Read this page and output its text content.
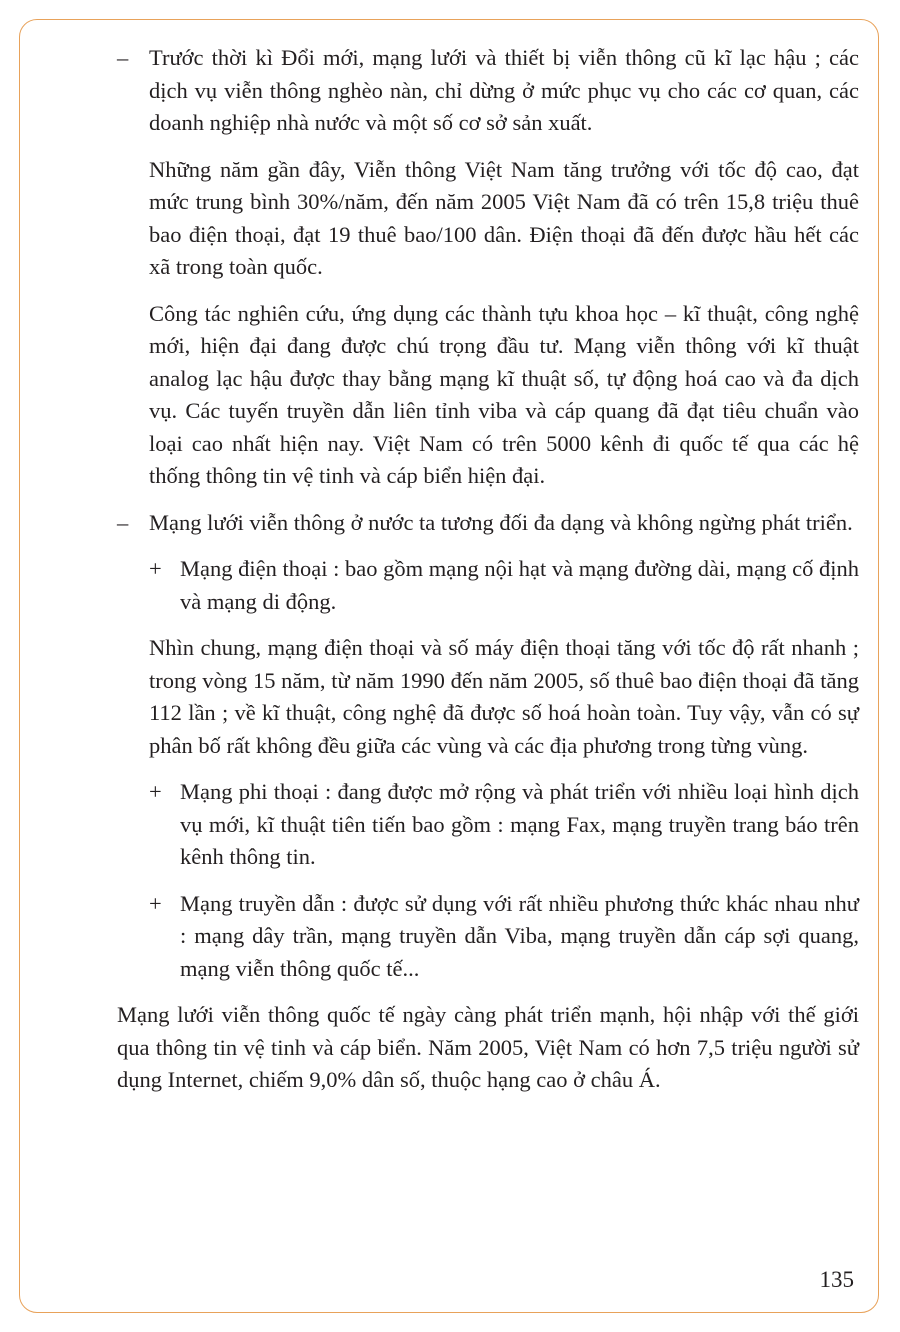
– Trước thời kì Đổi mới, mạng lưới và thiết bị viễn thông cũ kĩ lạc hậu ; các dịch vụ viễn thông nghèo nàn, chỉ dừng ở mức phục vụ cho các cơ quan, các doanh nghiệp nhà nước và một số cơ sở sản xuất.

Những năm gần đây, Viễn thông Việt Nam tăng trưởng với tốc độ cao, đạt mức trung bình 30%/năm, đến năm 2005 Việt Nam đã có trên 15,8 triệu thuê bao điện thoại, đạt 19 thuê bao/100 dân. Điện thoại đã đến được hầu hết các xã trong toàn quốc.

Công tác nghiên cứu, ứng dụng các thành tựu khoa học – kĩ thuật, công nghệ mới, hiện đại đang được chú trọng đầu tư. Mạng viễn thông với kĩ thuật analog lạc hậu được thay bằng mạng kĩ thuật số, tự động hoá cao và đa dịch vụ. Các tuyến truyền dẫn liên tỉnh viba và cáp quang đã đạt tiêu chuẩn vào loại cao nhất hiện nay. Việt Nam có trên 5000 kênh đi quốc tế qua các hệ thống thông tin vệ tinh và cáp biển hiện đại.

– Mạng lưới viễn thông ở nước ta tương đối đa dạng và không ngừng phát triển.
+ Mạng điện thoại : bao gồm mạng nội hạt và mạng đường dài, mạng cố định và mạng di động.

Nhìn chung, mạng điện thoại và số máy điện thoại tăng với tốc độ rất nhanh ; trong vòng 15 năm, từ năm 1990 đến năm 2005, số thuê bao điện thoại đã tăng 112 lần ; về kĩ thuật, công nghệ đã được số hoá hoàn toàn. Tuy vậy, vẫn có sự phân bố rất không đều giữa các vùng và các địa phương trong từng vùng.

+ Mạng phi thoại : đang được mở rộng và phát triển với nhiều loại hình dịch vụ mới, kĩ thuật tiên tiến bao gồm : mạng Fax, mạng truyền trang báo trên kênh thông tin.
+ Mạng truyền dẫn : được sử dụng với rất nhiều phương thức khác nhau như : mạng dây trần, mạng truyền dẫn Viba, mạng truyền dẫn cáp sợi quang, mạng viễn thông quốc tế...

Mạng lưới viễn thông quốc tế ngày càng phát triển mạnh, hội nhập với thế giới qua thông tin vệ tinh và cáp biển. Năm 2005, Việt Nam có hơn 7,5 triệu người sử dụng Internet, chiếm 9,0% dân số, thuộc hạng cao ở châu Á.

135
